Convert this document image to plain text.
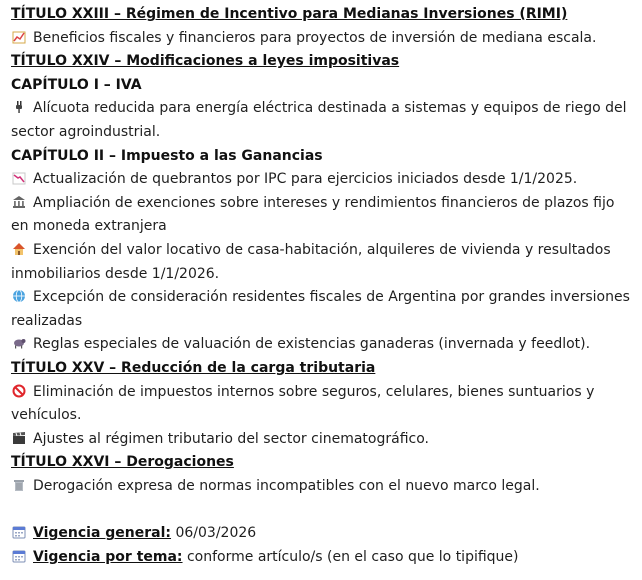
TÍTULO XXIII – Régimen de Incentivo para Medianas Inversiones (RIMI)

Beneficios fiscales y financieros para proyectos de inversión de mediana escala.

TÍTULO XXIV – Modificaciones a leyes impositivas

CAPÍTULO I – IVA

Alícuota reducida para energía eléctrica destinada a sistemas y equipos de riego del sector agroindustrial.

CAPÍTULO II – Impuesto a las Ganancias

Actualización de quebrantos por IPC para ejercicios iniciados desde 1/1/2025.

Ampliación de exenciones sobre intereses y rendimientos financieros de plazos fijo en moneda extranjera

Exención del valor locativo de casa-habitación, alquileres de vivienda y resultados inmobiliarios desde 1/1/2026.

Excepción de consideración residentes fiscales de Argentina por grandes inversiones realizadas

Reglas especiales de valuación de existencias ganaderas (invernada y feedlot).

TÍTULO XXV – Reducción de la carga tributaria

Eliminación de impuestos internos sobre seguros, celulares, bienes suntuarios y vehículos.

Ajustes al régimen tributario del sector cinematográfico.

TÍTULO XXVI – Derogaciones

Derogación expresa de normas incompatibles con el nuevo marco legal.

Vigencia general: 06/03/2026

Vigencia por tema: conforme artículo/s (en el caso que lo tipifique)
